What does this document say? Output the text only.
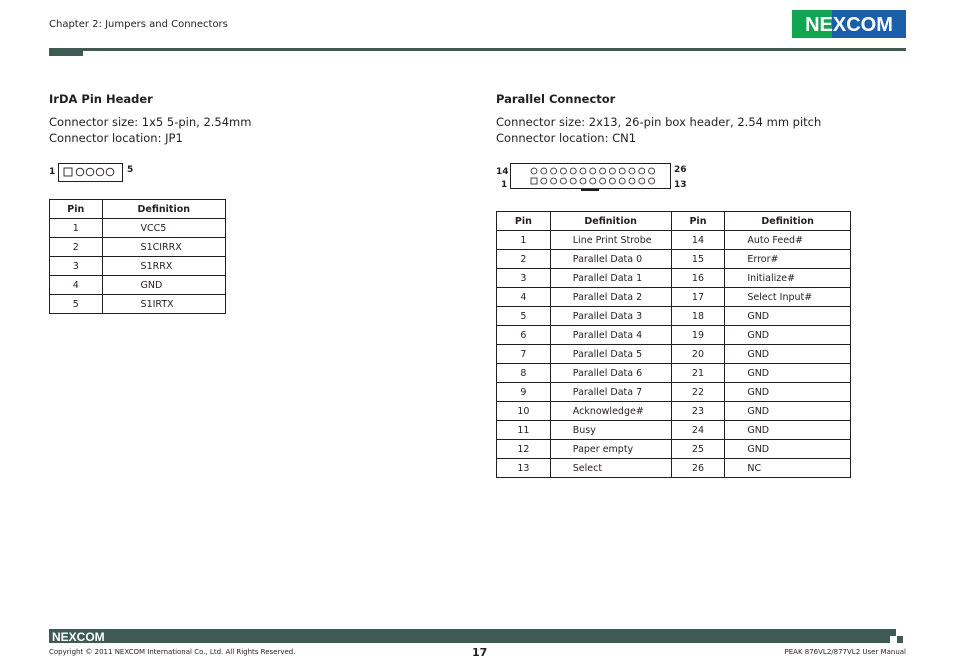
Chapter 2: Jumpers and Connectors	NEXCOM
IrDA Pin Header
Connector size: 1x5 5-pin, 2.54mm
Connector location: JP1
1	5
Pin	Definition
1	VCC5
2	S1CIRRX
3	S1RRX
4	GND
5	S1IRTX
Parallel Connector
Connector size: 2x13, 26-pin box header, 2.54 mm pitch
Connector location: CN1
14
1
26
13
Pin	Definition	Pin	Definition
1	Line Print Strobe	14	Auto Feed#
2	Parallel Data 0	15	Error#
3	Parallel Data 1	16	Initialize#
4	Parallel Data 2	17	Select Input#
5	Parallel Data 3	18	GND
6	Parallel Data 4	19	GND
7	Parallel Data 5	20	GND
8	Parallel Data 6	21	GND
9	Parallel Data 7	22	GND
10	Acknowledge#	23	GND
11	Busy	24	GND
12	Paper empty	25	GND
13	Select	26	NC
NEXCOM
Copyright © 2011 NEXCOM International Co., Ltd. All Rights Reserved.	17	PEAK 876VL2/877VL2 User Manual
